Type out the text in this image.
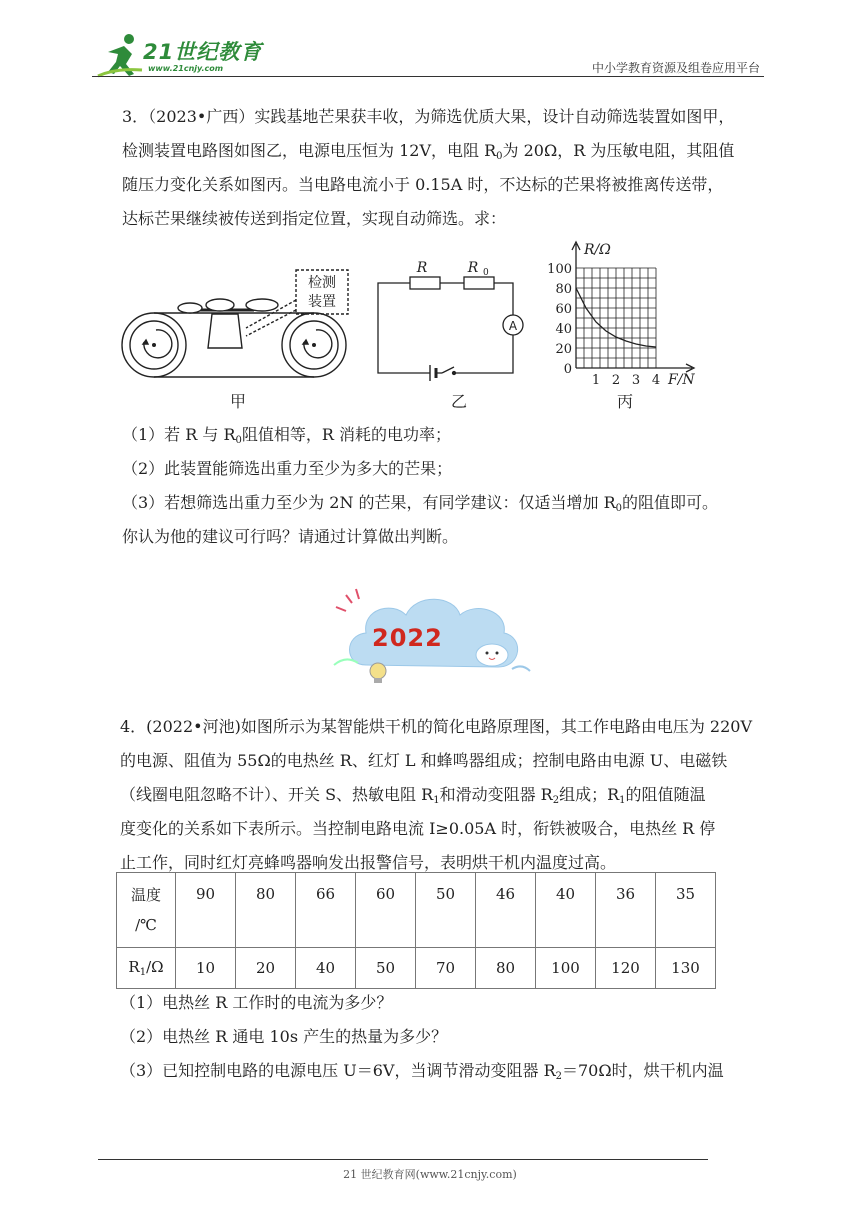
21世纪教育
www.21cnjy.com	中小学教育资源及组卷应用平台
3．（2023•广西）实践基地芒果获丰收，为筛选优质大果，设计自动筛选装置如图甲，
检测装置电路图如图乙，电源电压恒为 12V，电阻 $R_0$为 20Ω，R 为压敏电阻，其阻值
随压力变化关系如图丙。当电路电流小于 0.15A 时，不达标的芒果将被推离传送带，
达标芒果继续被传送到指定位置，实现自动筛选。求：
检测
装置
甲
R	R 0
A
乙
100
80
60
40
20
0
1 2 3 4
R/Ω
F/N
丙
（1）若 R 与 $R_0$阻值相等，R 消耗的电功率；
（2）此装置能筛选出重力至少为多大的芒果；
（3）若想筛选出重力至少为 2N 的芒果，有同学建议：仅适当增加 $R_0$的阻值即可。
你认为他的建议可行吗？请通过计算做出判断。
2022
4．(2022•河池)如图所示为某智能烘干机的简化电路原理图，其工作电路由电压为 220V
的电源、阻值为 55Ω的电热丝 R、红灯 L 和蜂鸣器组成；控制电路由电源 U、电磁铁
（线圈电阻忽略不计）、开关 S、热敏电阻 $R_1$和滑动变阻器 $R_2$组成；$R_1$的阻值随温
度变化的关系如下表所示。当控制电路电流 I≥0.05A 时，衔铁被吸合，电热丝 R 停
止工作，同时红灯亮蜂鸣器响发出报警信号，表明烘干机内温度过高。
温度
/℃	90	80	66	60	50	46	40	36	35
$R_1/\Omega$	10	20	40	50	70	80	100	120	130
（1）电热丝 R 工作时的电流为多少？
（2）电热丝 R 通电 10s 产生的热量为多少？
（3）已知控制电路的电源电压 U＝6V，当调节滑动变阻器 $R_2=70\Omega$时，烘干机内温
21 世纪教育网(www.21cnjy.com)
